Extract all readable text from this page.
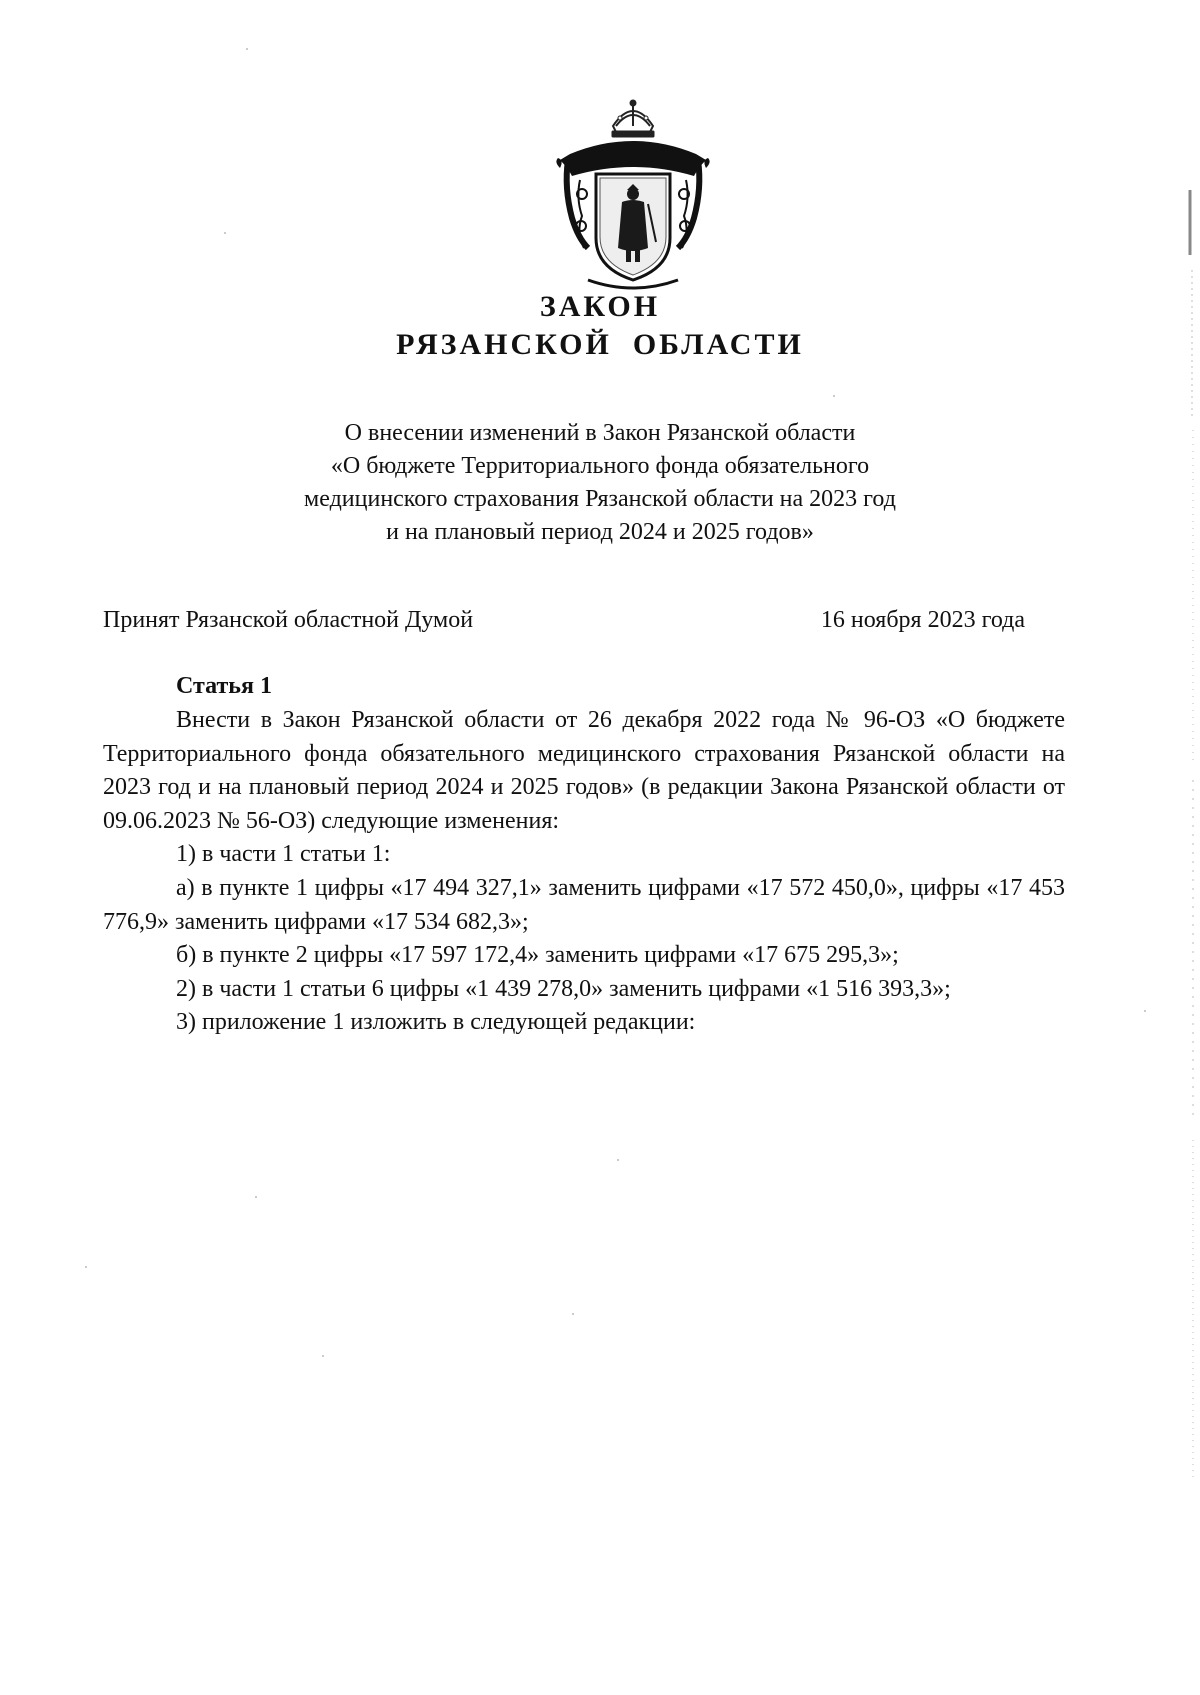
ЗАКОН
РЯЗАНСКОЙ  ОБЛАСТИ

О внесении изменений в Закон Рязанской области
«О бюджете Территориального фонда обязательного
медицинского страхования Рязанской области на 2023 год
и на плановый период 2024 и 2025 годов»

Принят Рязанской областной Думой	16 ноября 2023 года
Статья 1

Внести в Закон Рязанской области от 26 декабря 2022 года № 96-ОЗ «О бюджете Территориального фонда обязательного медицинского страхования Рязанской области на 2023 год и на плановый период 2024 и 2025 годов» (в редакции Закона Рязанской области от 09.06.2023 № 56-ОЗ) следующие изменения:

1) в части 1 статьи 1:

а) в пункте 1 цифры «17 494 327,1» заменить цифрами «17 572 450,0», цифры «17 453 776,9» заменить цифрами «17 534 682,3»;

б) в пункте 2 цифры «17 597 172,4» заменить цифрами «17 675 295,3»;

2) в части 1 статьи 6 цифры «1 439 278,0» заменить цифрами «1 516 393,3»;

3) приложение 1 изложить в следующей редакции:
